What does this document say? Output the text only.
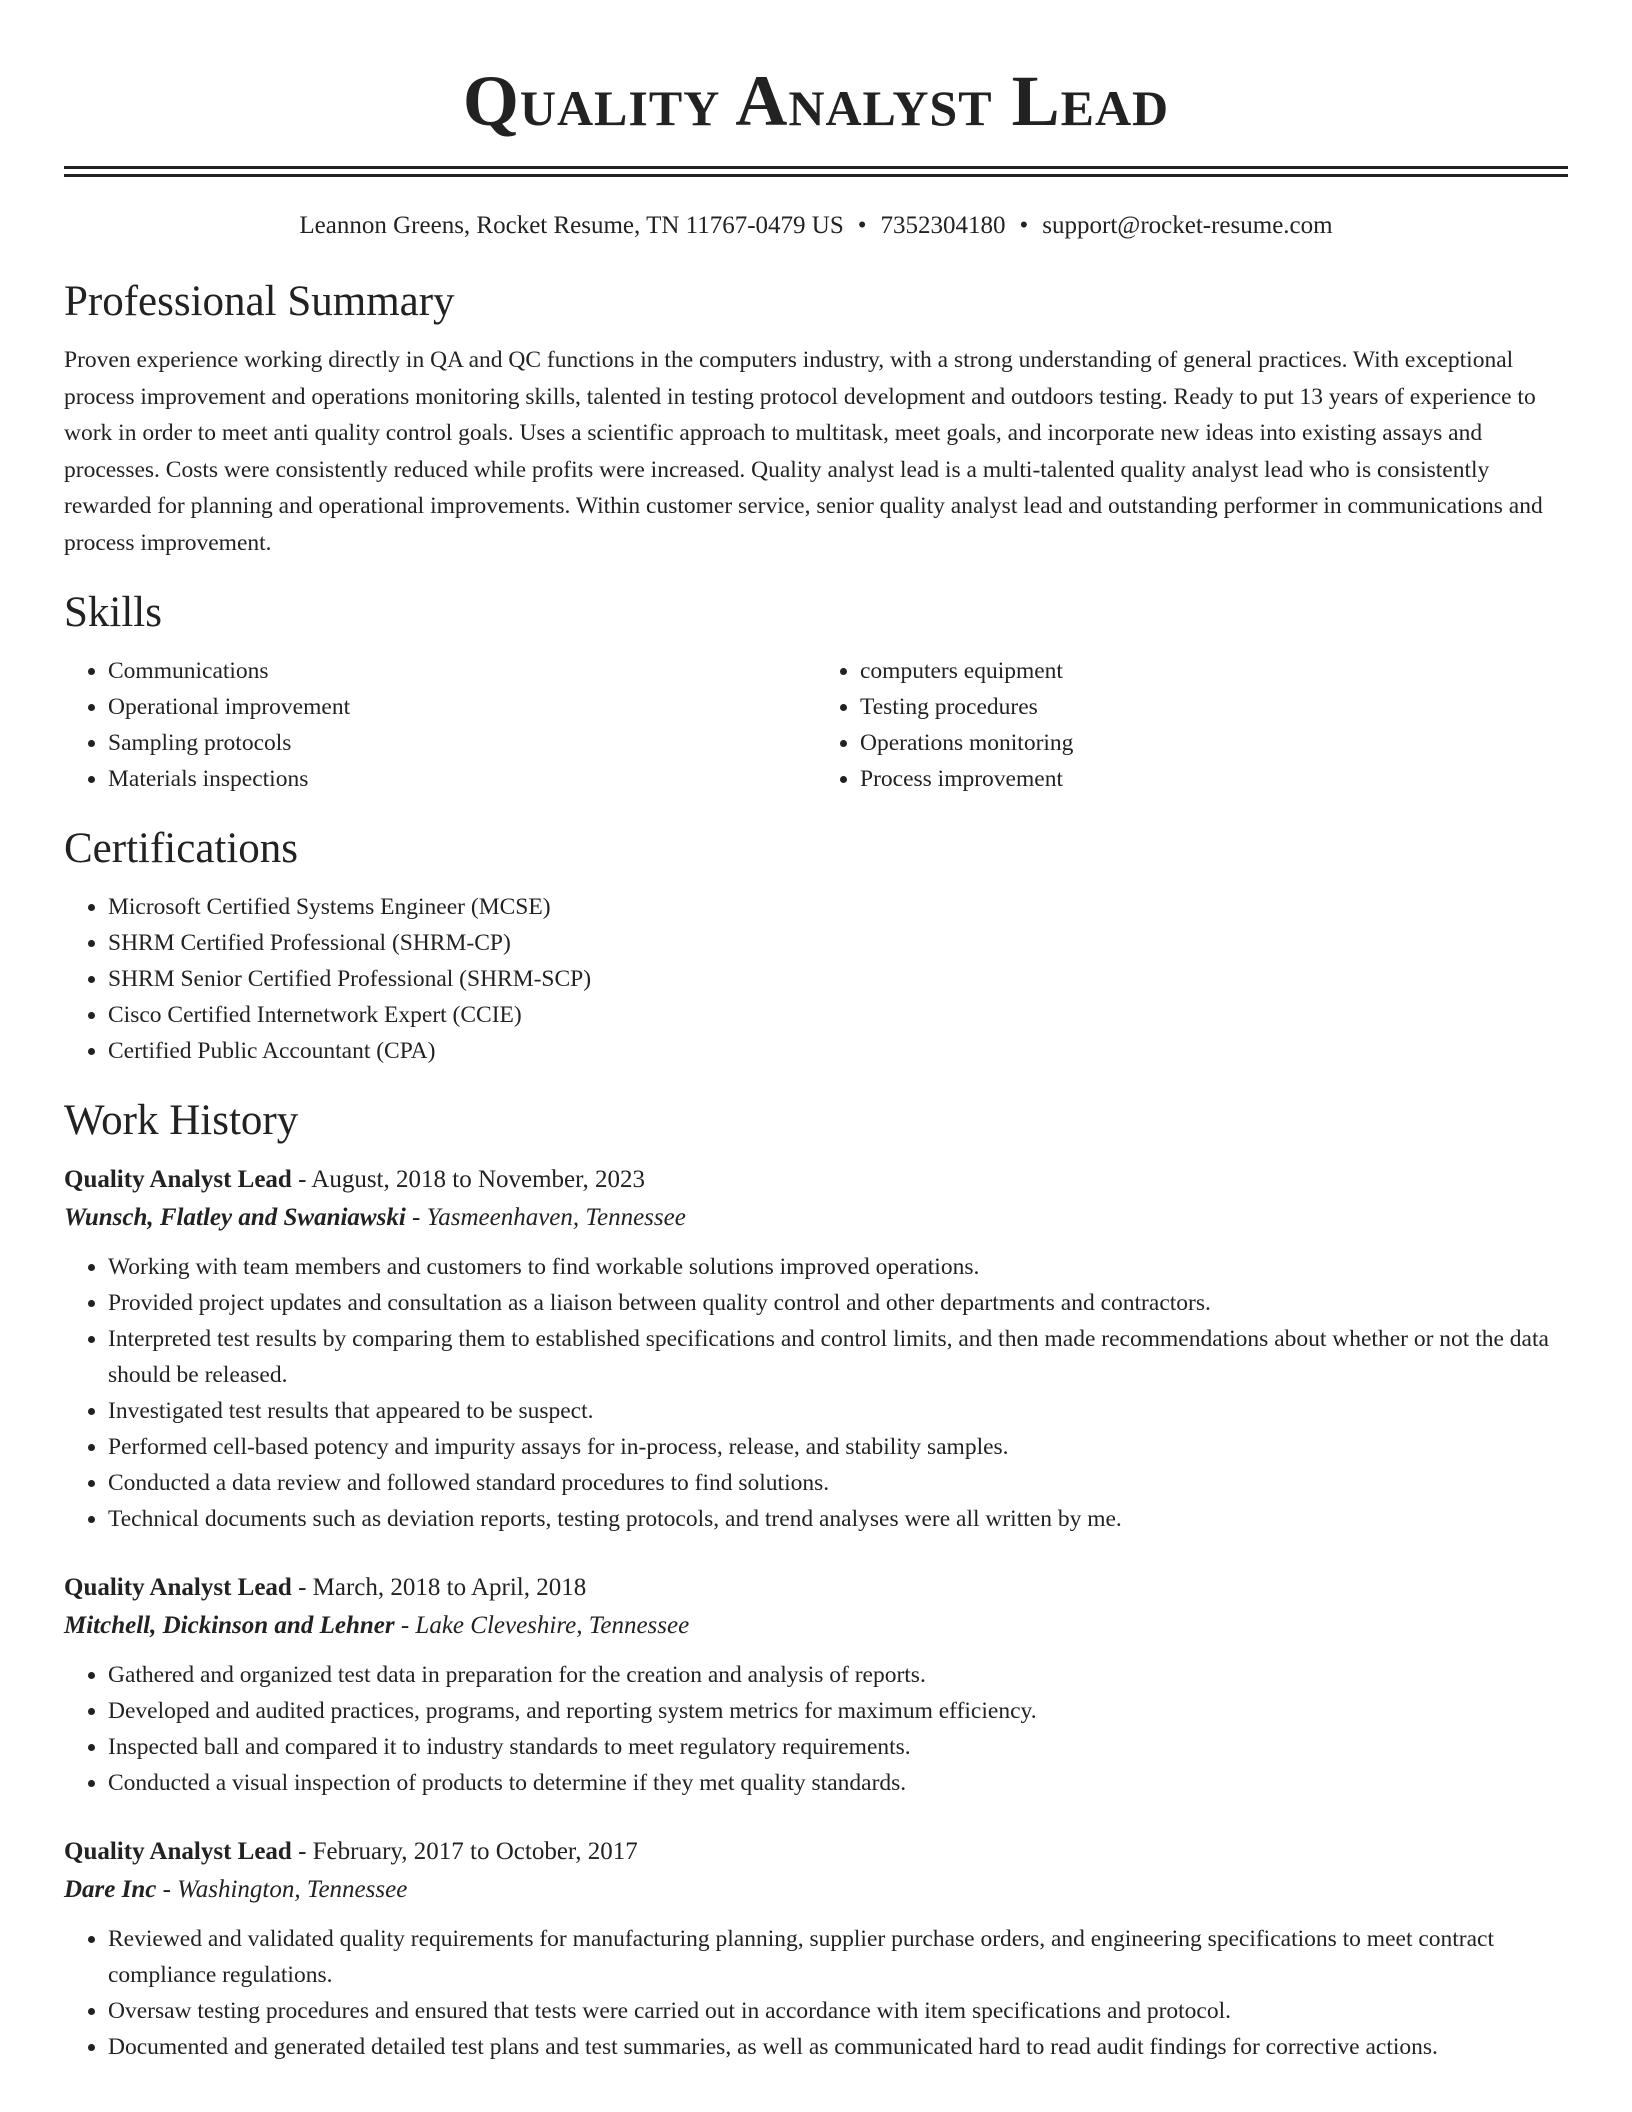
Quality Analyst Lead
Leannon Greens, Rocket Resume, TN 11767-0479 US • 7352304180 • support@rocket-resume.com
Professional Summary

Proven experience working directly in QA and QC functions in the computers industry, with a strong understanding of general practices. With exceptional process improvement and operations monitoring skills, talented in testing protocol development and outdoors testing. Ready to put 13 years of experience to work in order to meet anti quality control goals. Uses a scientific approach to multitask, meet goals, and incorporate new ideas into existing assays and processes. Costs were consistently reduced while profits were increased. Quality analyst lead is a multi-talented quality analyst lead who is consistently rewarded for planning and operational improvements. Within customer service, senior quality analyst lead and outstanding performer in communications and process improvement.

Skills
• Communications
• Operational improvement
• Sampling protocols
• Materials inspections
• computers equipment
• Testing procedures
• Operations monitoring
• Process improvement
Certifications
• Microsoft Certified Systems Engineer (MCSE)
• SHRM Certified Professional (SHRM-CP)
• SHRM Senior Certified Professional (SHRM-SCP)
• Cisco Certified Internetwork Expert (CCIE)
• Certified Public Accountant (CPA)
Work History
Quality Analyst Lead - August, 2018 to November, 2023
Wunsch, Flatley and Swaniawski - Yasmeenhaven, Tennessee
• Working with team members and customers to find workable solutions improved operations.
• Provided project updates and consultation as a liaison between quality control and other departments and contractors.
• Interpreted test results by comparing them to established specifications and control limits, and then made recommendations about whether or not the data should be released.
• Investigated test results that appeared to be suspect.
• Performed cell-based potency and impurity assays for in-process, release, and stability samples.
• Conducted a data review and followed standard procedures to find solutions.
• Technical documents such as deviation reports, testing protocols, and trend analyses were all written by me.
Quality Analyst Lead - March, 2018 to April, 2018
Mitchell, Dickinson and Lehner - Lake Cleveshire, Tennessee
• Gathered and organized test data in preparation for the creation and analysis of reports.
• Developed and audited practices, programs, and reporting system metrics for maximum efficiency.
• Inspected ball and compared it to industry standards to meet regulatory requirements.
• Conducted a visual inspection of products to determine if they met quality standards.
Quality Analyst Lead - February, 2017 to October, 2017
Dare Inc - Washington, Tennessee
• Reviewed and validated quality requirements for manufacturing planning, supplier purchase orders, and engineering specifications to meet contract compliance regulations.
• Oversaw testing procedures and ensured that tests were carried out in accordance with item specifications and protocol.
• Documented and generated detailed test plans and test summaries, as well as communicated hard to read audit findings for corrective actions.
